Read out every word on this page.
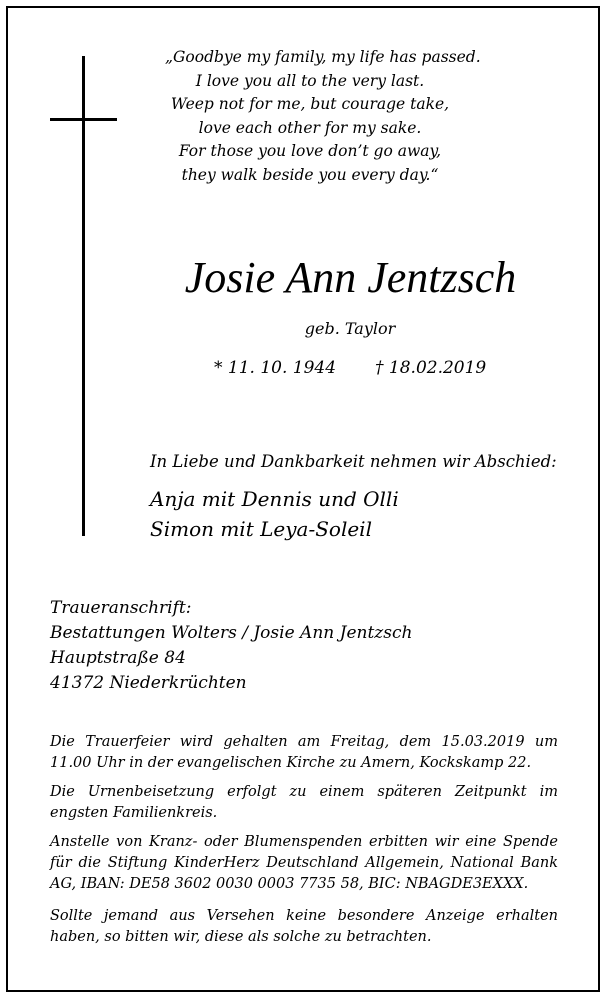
„Goodbye my family, my life has passed.
I love you all to the very last.
Weep not for me, but courage take,
love each other for my sake.
For those you love don’t go away,
they walk beside you every day.“
Josie Ann Jentzsch
geb. Taylor
* 11. 10. 1944 † 18.02.2019
In Liebe und Dankbarkeit nehmen wir Abschied:
Anja mit Dennis und Olli
Simon mit Leya-Soleil
Traueranschrift:
Bestattungen Wolters / Josie Ann Jentzsch
Hauptstraße 84
41372 Niederkrüchten
Die Trauerfeier wird gehalten am Freitag, dem 15.03.2019 um 11.00 Uhr in der evangelischen Kirche zu Amern, Kockskamp 22.
Die Urnenbeisetzung erfolgt zu einem späteren Zeitpunkt im engsten Familienkreis.
Anstelle von Kranz- oder Blumenspenden erbitten wir eine Spende für die Stiftung KinderHerz Deutschland Allgemein, National Bank AG, IBAN: DE58 3602 0030 0003 7735 58, BIC: NBAGDE3EXXX.
Sollte jemand aus Versehen keine besondere Anzeige erhalten haben, so bitten wir, diese als solche zu betrachten.
